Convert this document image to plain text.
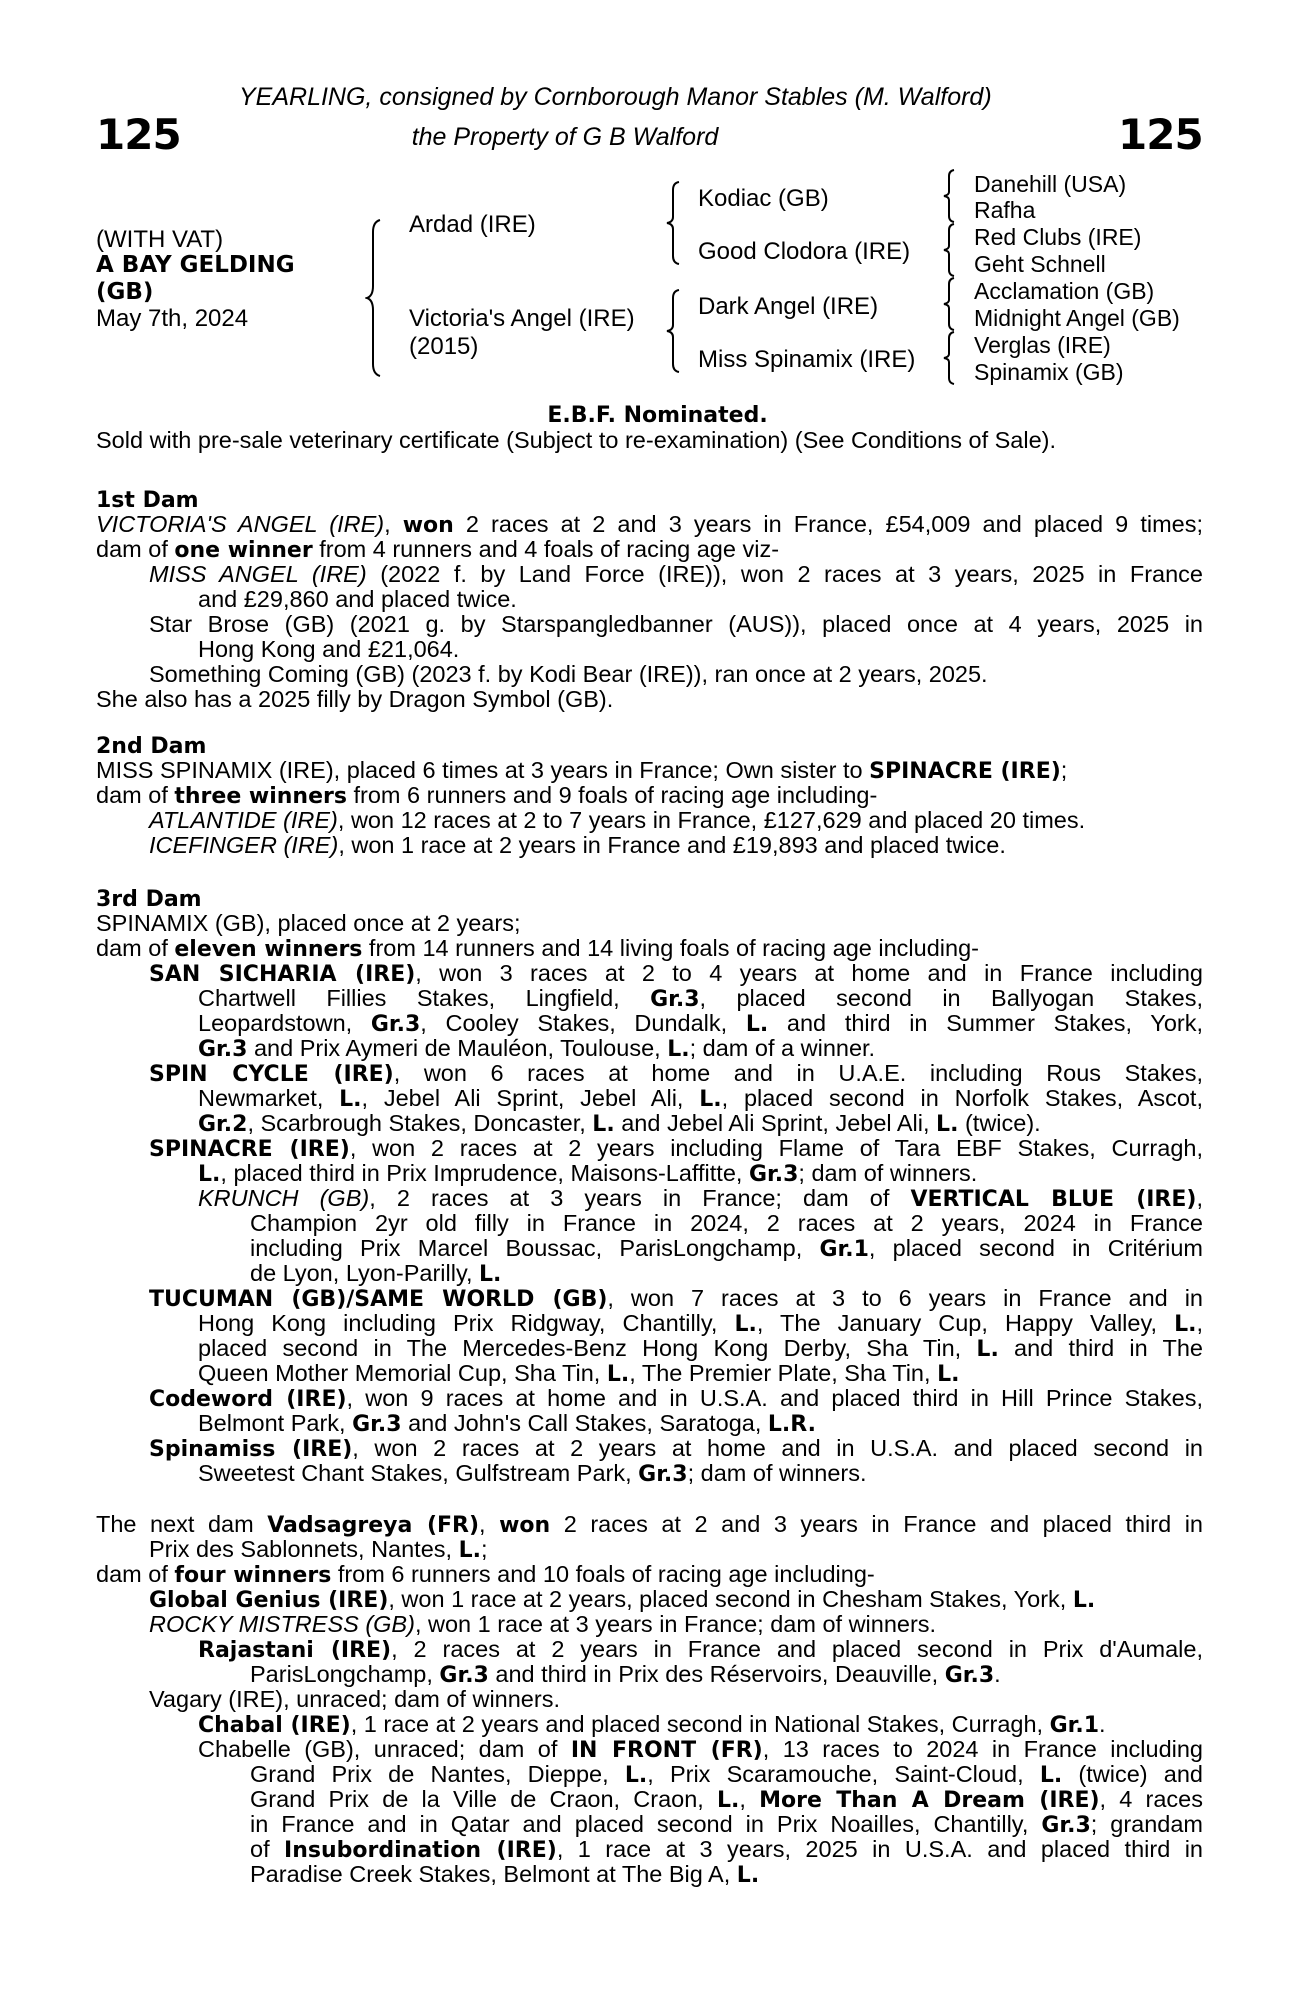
125	125
YEARLING, consigned by Cornborough Manor Stables (M. Walford)
the Property of G B Walford
(WITH VAT)
A BAY GELDING
(GB)
May 7th, 2024
Ardad (IRE)
Victoria's Angel (IRE)
(2015)
Kodiac (GB)
Good Clodora (IRE)
Dark Angel (IRE)
Miss Spinamix (IRE)
Danehill (USA)
Rafha
Red Clubs (IRE)
Geht Schnell
Acclamation (GB)
Midnight Angel (GB)
Verglas (IRE)
Spinamix (GB)
E.B.F. Nominated.
Sold with pre-sale veterinary certificate (Subject to re-examination) (See Conditions of Sale).
1st Dam
VICTORIA'S ANGEL (IRE), won 2 races at 2 and 3 years in France, £54,009 and placed 9 times;
dam of one winner from 4 runners and 4 foals of racing age viz-
MISS ANGEL (IRE) (2022 f. by Land Force (IRE)), won 2 races at 3 years, 2025 in France
and £29,860 and placed twice.
Star Brose (GB) (2021 g. by Starspangledbanner (AUS)), placed once at 4 years, 2025 in
Hong Kong and £21,064.
Something Coming (GB) (2023 f. by Kodi Bear (IRE)), ran once at 2 years, 2025.
She also has a 2025 filly by Dragon Symbol (GB).
2nd Dam
MISS SPINAMIX (IRE), placed 6 times at 3 years in France; Own sister to SPINACRE (IRE);
dam of three winners from 6 runners and 9 foals of racing age including-
ATLANTIDE (IRE), won 12 races at 2 to 7 years in France, £127,629 and placed 20 times.
ICEFINGER (IRE), won 1 race at 2 years in France and £19,893 and placed twice.
3rd Dam
SPINAMIX (GB), placed once at 2 years;
dam of eleven winners from 14 runners and 14 living foals of racing age including-
SAN SICHARIA (IRE), won 3 races at 2 to 4 years at home and in France including
Chartwell Fillies Stakes, Lingfield, Gr.3, placed second in Ballyogan Stakes,
Leopardstown, Gr.3, Cooley Stakes, Dundalk, L. and third in Summer Stakes, York,
Gr.3 and Prix Aymeri de Mauléon, Toulouse, L.; dam of a winner.
SPIN CYCLE (IRE), won 6 races at home and in U.A.E. including Rous Stakes,
Newmarket, L., Jebel Ali Sprint, Jebel Ali, L., placed second in Norfolk Stakes, Ascot,
Gr.2, Scarbrough Stakes, Doncaster, L. and Jebel Ali Sprint, Jebel Ali, L. (twice).
SPINACRE (IRE), won 2 races at 2 years including Flame of Tara EBF Stakes, Curragh,
L., placed third in Prix Imprudence, Maisons-Laffitte, Gr.3; dam of winners.
KRUNCH (GB), 2 races at 3 years in France; dam of VERTICAL BLUE (IRE),
Champion 2yr old filly in France in 2024, 2 races at 2 years, 2024 in France
including Prix Marcel Boussac, ParisLongchamp, Gr.1, placed second in Critérium
de Lyon, Lyon-Parilly, L.
TUCUMAN (GB)/SAME WORLD (GB), won 7 races at 3 to 6 years in France and in
Hong Kong including Prix Ridgway, Chantilly, L., The January Cup, Happy Valley, L.,
placed second in The Mercedes-Benz Hong Kong Derby, Sha Tin, L. and third in The
Queen Mother Memorial Cup, Sha Tin, L., The Premier Plate, Sha Tin, L.
Codeword (IRE), won 9 races at home and in U.S.A. and placed third in Hill Prince Stakes,
Belmont Park, Gr.3 and John's Call Stakes, Saratoga, L.R.
Spinamiss (IRE), won 2 races at 2 years at home and in U.S.A. and placed second in
Sweetest Chant Stakes, Gulfstream Park, Gr.3; dam of winners.
The next dam Vadsagreya (FR), won 2 races at 2 and 3 years in France and placed third in
Prix des Sablonnets, Nantes, L.;
dam of four winners from 6 runners and 10 foals of racing age including-
Global Genius (IRE), won 1 race at 2 years, placed second in Chesham Stakes, York, L.
ROCKY MISTRESS (GB), won 1 race at 3 years in France; dam of winners.
Rajastani (IRE), 2 races at 2 years in France and placed second in Prix d'Aumale,
ParisLongchamp, Gr.3 and third in Prix des Réservoirs, Deauville, Gr.3.
Vagary (IRE), unraced; dam of winners.
Chabal (IRE), 1 race at 2 years and placed second in National Stakes, Curragh, Gr.1.
Chabelle (GB), unraced; dam of IN FRONT (FR), 13 races to 2024 in France including
Grand Prix de Nantes, Dieppe, L., Prix Scaramouche, Saint-Cloud, L. (twice) and
Grand Prix de la Ville de Craon, Craon, L., More Than A Dream (IRE), 4 races
in France and in Qatar and placed second in Prix Noailles, Chantilly, Gr.3; grandam
of Insubordination (IRE), 1 race at 3 years, 2025 in U.S.A. and placed third in
Paradise Creek Stakes, Belmont at The Big A, L.
